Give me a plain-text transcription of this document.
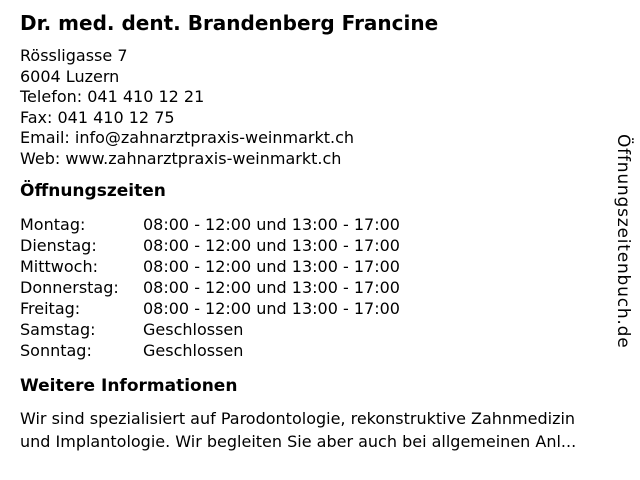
Dr. med. dent. Brandenberg Francine
Rössligasse 7
6004 Luzern
Telefon: 041 410 12 21
Fax: 041 410 12 75
Email: info@zahnarztpraxis-weinmarkt.ch
Web: www.zahnarztpraxis-weinmarkt.ch
Öffnungszeiten
Montag:	08:00 - 12:00 und 13:00 - 17:00
Dienstag:	08:00 - 12:00 und 13:00 - 17:00
Mittwoch:	08:00 - 12:00 und 13:00 - 17:00
Donnerstag:	08:00 - 12:00 und 13:00 - 17:00
Freitag:	08:00 - 12:00 und 13:00 - 17:00
Samstag:	Geschlossen
Sonntag:	Geschlossen
Weitere Informationen
Wir sind spezialisiert auf Parodontologie, rekonstruktive Zahnmedizin
und Implantologie. Wir begleiten Sie aber auch bei allgemeinen Anl...
Öffnungszeitenbuch.de
